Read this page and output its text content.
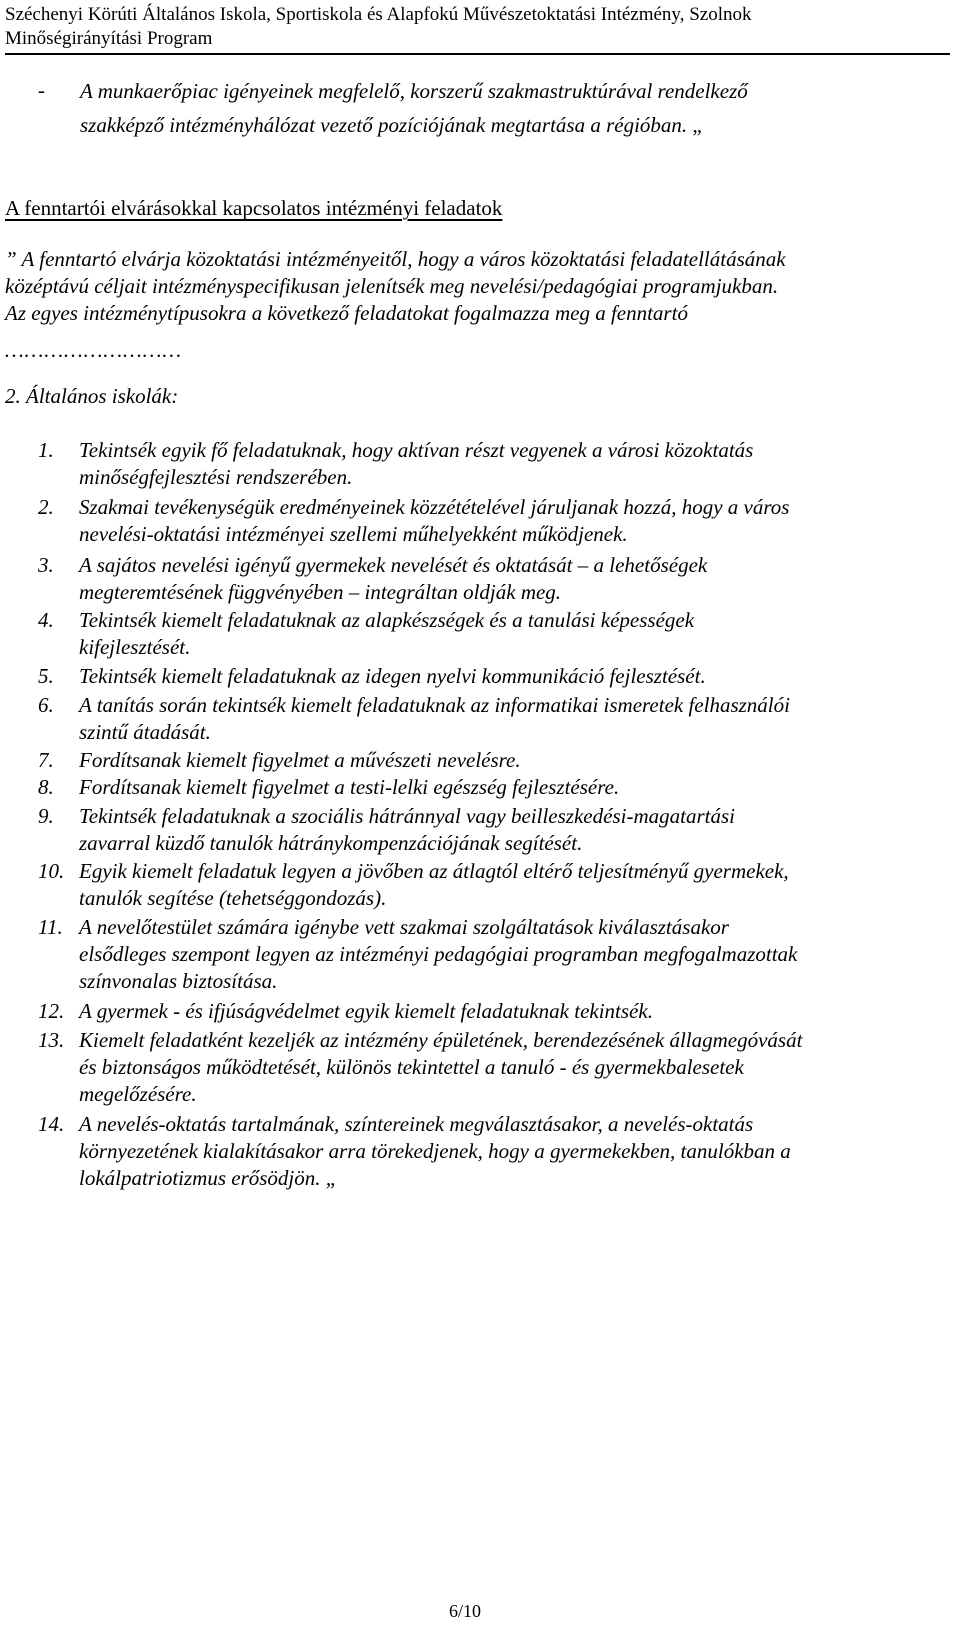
Széchenyi Körúti Általános Iskola, Sportiskola és Alapfokú Művészetoktatási Intézmény, Szolnok
Minőségirányítási Program
- A munkaerőpiac igényeinek megfelelő, korszerű szakmastruktúrával rendelkező
szakképző intézményhálózat vezető pozíciójának megtartása a régióban. „
A fenntartói elvárásokkal kapcsolatos intézményi feladatok
” A fenntartó elvárja közoktatási intézményeitől, hogy a város közoktatási feladatellátásának
középtávú céljait intézményspecifikusan jelenítsék meg nevelési/pedagógiai programjukban.
Az egyes intézménytípusokra a következő feladatokat fogalmazza meg a fenntartó
………………………
2. Általános iskolák:
1.	Tekintsék egyik fő feladatuknak, hogy aktívan részt vegyenek a városi közoktatás
minőségfejlesztési rendszerében.
2.	Szakmai tevékenységük eredményeinek közzétételével járuljanak hozzá, hogy a város
nevelési-oktatási intézményei szellemi műhelyekként működjenek.
3.	A sajátos nevelési igényű gyermekek nevelését és oktatását – a lehetőségek
megteremtésének függvényében – integráltan oldják meg.
4.	Tekintsék kiemelt feladatuknak az alapkészségek és a tanulási képességek
kifejlesztését.
5.	Tekintsék kiemelt feladatuknak az idegen nyelvi kommunikáció fejlesztését.
6.	A tanítás során tekintsék kiemelt feladatuknak az informatikai ismeretek felhasználói
szintű átadását.
7.	Fordítsanak kiemelt figyelmet a művészeti nevelésre.
8.	Fordítsanak kiemelt figyelmet a testi-lelki egészség fejlesztésére.
9.	Tekintsék feladatuknak a szociális hátránnyal vagy beilleszkedési-magatartási
zavarral küzdő tanulók hátránykompenzációjának segítését.
10. Egyik kiemelt feladatuk legyen a jövőben az átlagtól eltérő teljesítményű gyermekek,
tanulók segítése (tehetséggondozás).
11. A nevelőtestület számára igénybe vett szakmai szolgáltatások kiválasztásakor
elsődleges szempont legyen az intézményi pedagógiai programban megfogalmazottak
színvonalas biztosítása.
12. A gyermek - és ifjúságvédelmet egyik kiemelt feladatuknak tekintsék.
13. Kiemelt feladatként kezeljék az intézmény épületének, berendezésének állagmegóvását
és biztonságos működtetését, különös tekintettel a tanuló - és gyermekbalesetek
megelőzésére.
14. A nevelés-oktatás tartalmának, színtereinek megválasztásakor, a nevelés-oktatás
környezetének kialakításakor arra törekedjenek, hogy a gyermekekben, tanulókban a
lokálpatriotizmus erősödjön. „
6/10
